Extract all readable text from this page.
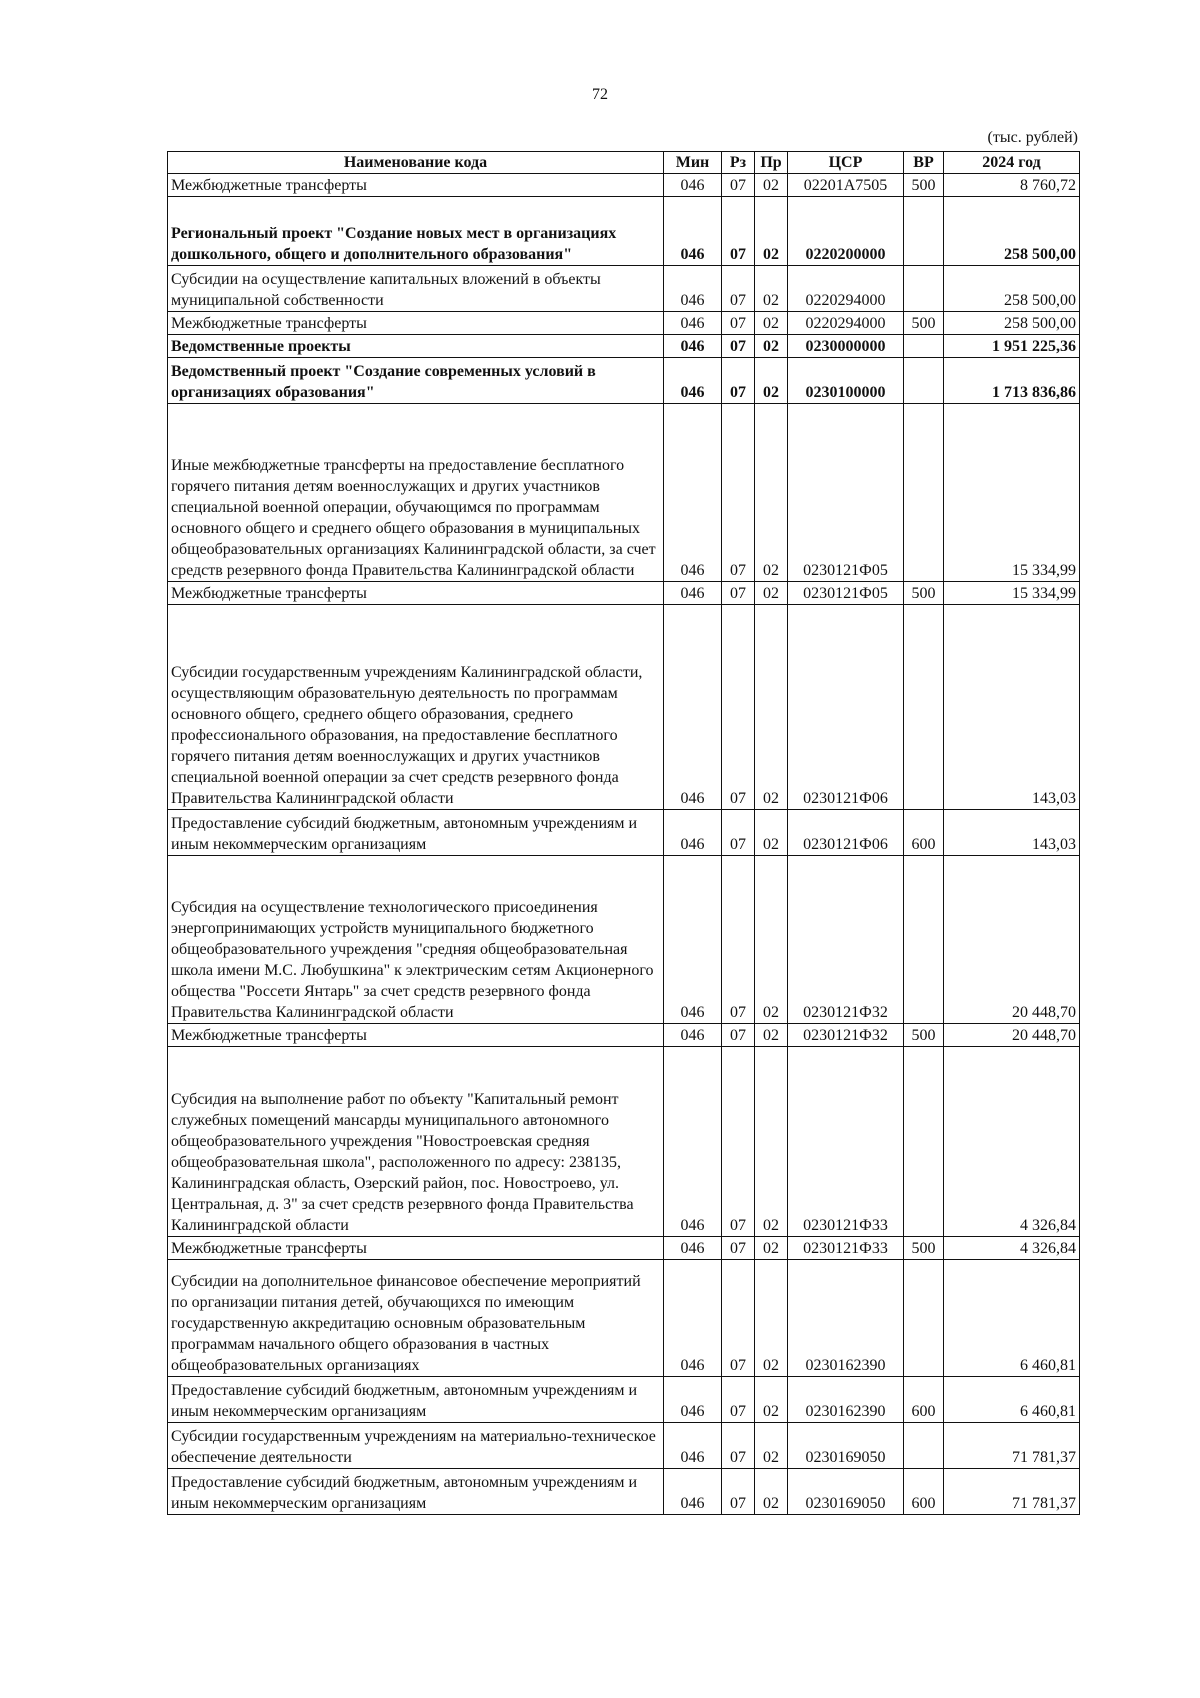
72
(тыс. рублей)
Наименование кода	Мин	Рз	Пр	ЦСР	ВР	2024 год
Межбюджетные трансферты	046	07	02	02201А7505	500	8 760,72
Региональный проект "Создание новых мест в организациях дошкольного, общего и дополнительного образования"	046	07	02	0220200000		258 500,00
Субсидии на осуществление капитальных вложений в объекты муниципальной собственности	046	07	02	0220294000		258 500,00
Межбюджетные трансферты	046	07	02	0220294000	500	258 500,00
Ведомственные проекты	046	07	02	0230000000		1 951 225,36
Ведомственный проект "Создание современных условий в организациях образования"	046	07	02	0230100000		1 713 836,86
Иные межбюджетные трансферты на предоставление бесплатного горячего питания детям военнослужащих и других участников специальной военной операции, обучающимся по программам основного общего и среднего общего образования в муниципальных общеобразовательных организациях Калининградской области, за счет средств резервного фонда Правительства Калининградской области	046	07	02	0230121Ф05		15 334,99
Межбюджетные трансферты	046	07	02	0230121Ф05	500	15 334,99
Субсидии государственным учреждениям Калининградской области, осуществляющим образовательную деятельность по программам основного общего, среднего общего образования, среднего профессионального образования, на предоставление бесплатного горячего питания детям военнослужащих и других участников специальной военной операции за счет средств резервного фонда Правительства Калининградской области	046	07	02	0230121Ф06		143,03
Предоставление субсидий бюджетным, автономным учреждениям и иным некоммерческим организациям	046	07	02	0230121Ф06	600	143,03
Субсидия на осуществление технологического присоединения энергопринимающих устройств муниципального бюджетного общеобразовательного учреждения "средняя общеобразовательная школа имени М.С. Любушкина" к электрическим сетям Акционерного общества "Россети Янтарь" за счет средств резервного фонда Правительства Калининградской области	046	07	02	0230121Ф32		20 448,70
Межбюджетные трансферты	046	07	02	0230121Ф32	500	20 448,70
Субсидия на выполнение работ по объекту "Капитальный ремонт служебных помещений мансарды муниципального автономного общеобразовательного учреждения "Новостроевская средняя общеобразовательная школа", расположенного по адресу: 238135, Калининградская область, Озерский район, пос. Новостроево, ул. Центральная, д. 3" за счет средств резервного фонда Правительства Калининградской области	046	07	02	0230121Ф33		4 326,84
Межбюджетные трансферты	046	07	02	0230121Ф33	500	4 326,84
Субсидии на дополнительное финансовое обеспечение мероприятий по организации питания детей, обучающихся по имеющим государственную аккредитацию основным образовательным программам начального общего образования в частных общеобразовательных организациях	046	07	02	0230162390		6 460,81
Предоставление субсидий бюджетным, автономным учреждениям и иным некоммерческим организациям	046	07	02	0230162390	600	6 460,81
Субсидии государственным учреждениям на материально-техническое обеспечение деятельности	046	07	02	0230169050		71 781,37
Предоставление субсидий бюджетным, автономным учреждениям и иным некоммерческим организациям	046	07	02	0230169050	600	71 781,37
